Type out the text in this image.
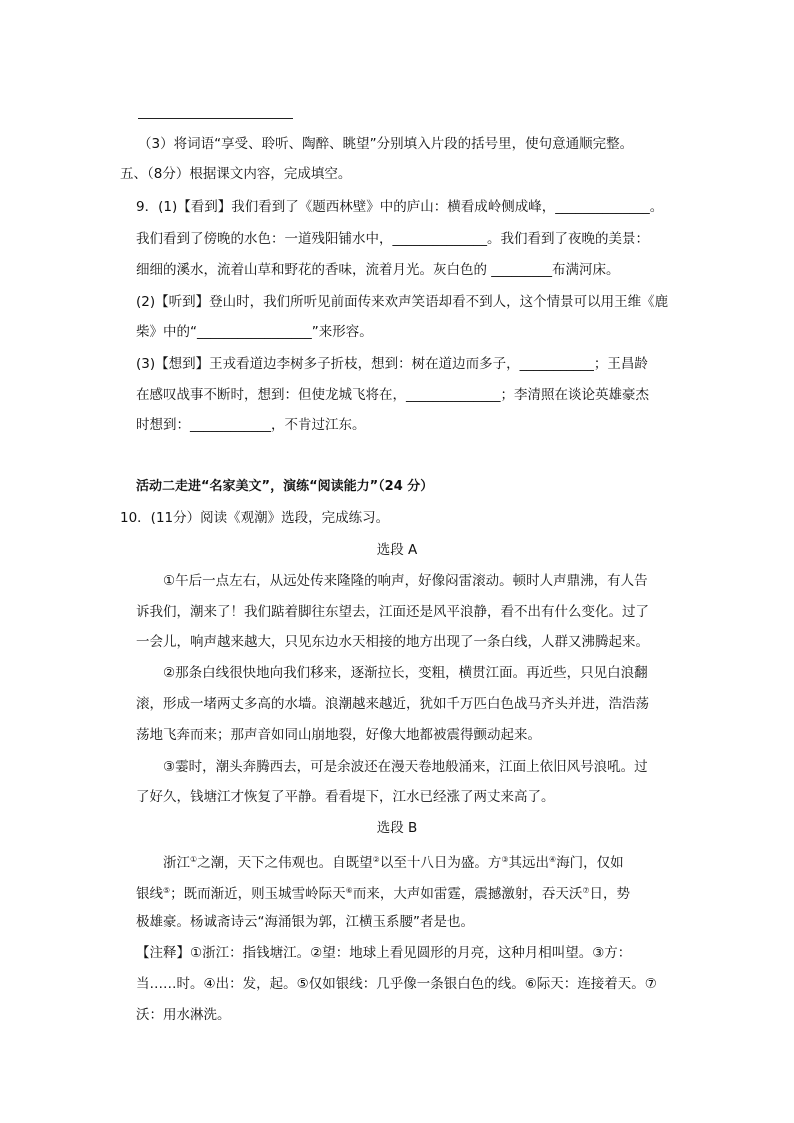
（3）将词语“享受、聆听、陶醉、眺望”分别填入片段的括号里，使句意通顺完整。
五、（8分）根据课文内容，完成填空。
9．(1)【看到】我们看到了《题西林壁》中的庐山：横看成岭侧成峰，______________。
我们看到了傍晚的水色：一道残阳铺水中，______________。我们看到了夜晚的美景：
细细的溪水，流着山草和野花的香味，流着月光。灰白色的 _________布满河床。
(2)【听到】登山时，我们所听见前面传来欢声笑语却看不到人，这个情景可以用王维《鹿
柴》中的“_________________”来形容。
(3)【想到】王戎看道边李树多子折枝，想到：树在道边而多子，___________；王昌龄
在感叹战事不断时，想到：但使龙城飞将在，______________；李清照在谈论英雄豪杰
时想到：____________，不肯过江东。
活动二走进“名家美文”，演练“阅读能力”（24 分）
10．(11分）阅读《观潮》选段，完成练习。
选段 A
①午后一点左右，从远处传来隆隆的响声，好像闷雷滚动。顿时人声鼎沸，有人告
诉我们，潮来了！我们踮着脚往东望去，江面还是风平浪静，看不出有什么变化。过了
一会儿，响声越来越大，只见东边水天相接的地方出现了一条白线，人群又沸腾起来。
②那条白线很快地向我们移来，逐渐拉长，变粗，横贯江面。再近些，只见白浪翻
滚，形成一堵两丈多高的水墙。浪潮越来越近，犹如千万匹白色战马齐头并进，浩浩荡
荡地飞奔而来；那声音如同山崩地裂，好像大地都被震得颤动起来。
③霎时，潮头奔腾西去，可是余波还在漫天卷地般涌来，江面上依旧风号浪吼。过
了好久，钱塘江才恢复了平静。看看堤下，江水已经涨了两丈来高了。
选段 B
浙江①之潮，天下之伟观也。自既望②以至十八日为盛。方③其远出④海门，仅如
银线⑤；既而渐近，则玉城雪岭际天⑥而来，大声如雷霆，震撼激射，吞天沃⑦日，势
极雄豪。杨诚斋诗云“海涌银为郭，江横玉系腰”者是也。
【注释】①浙江：指钱塘江。②望：地球上看见圆形的月亮，这种月相叫望。③方：
当……时。④出：发，起。⑤仅如银线：几乎像一条银白色的线。⑥际天：连接着天。⑦
沃：用水淋洗。
